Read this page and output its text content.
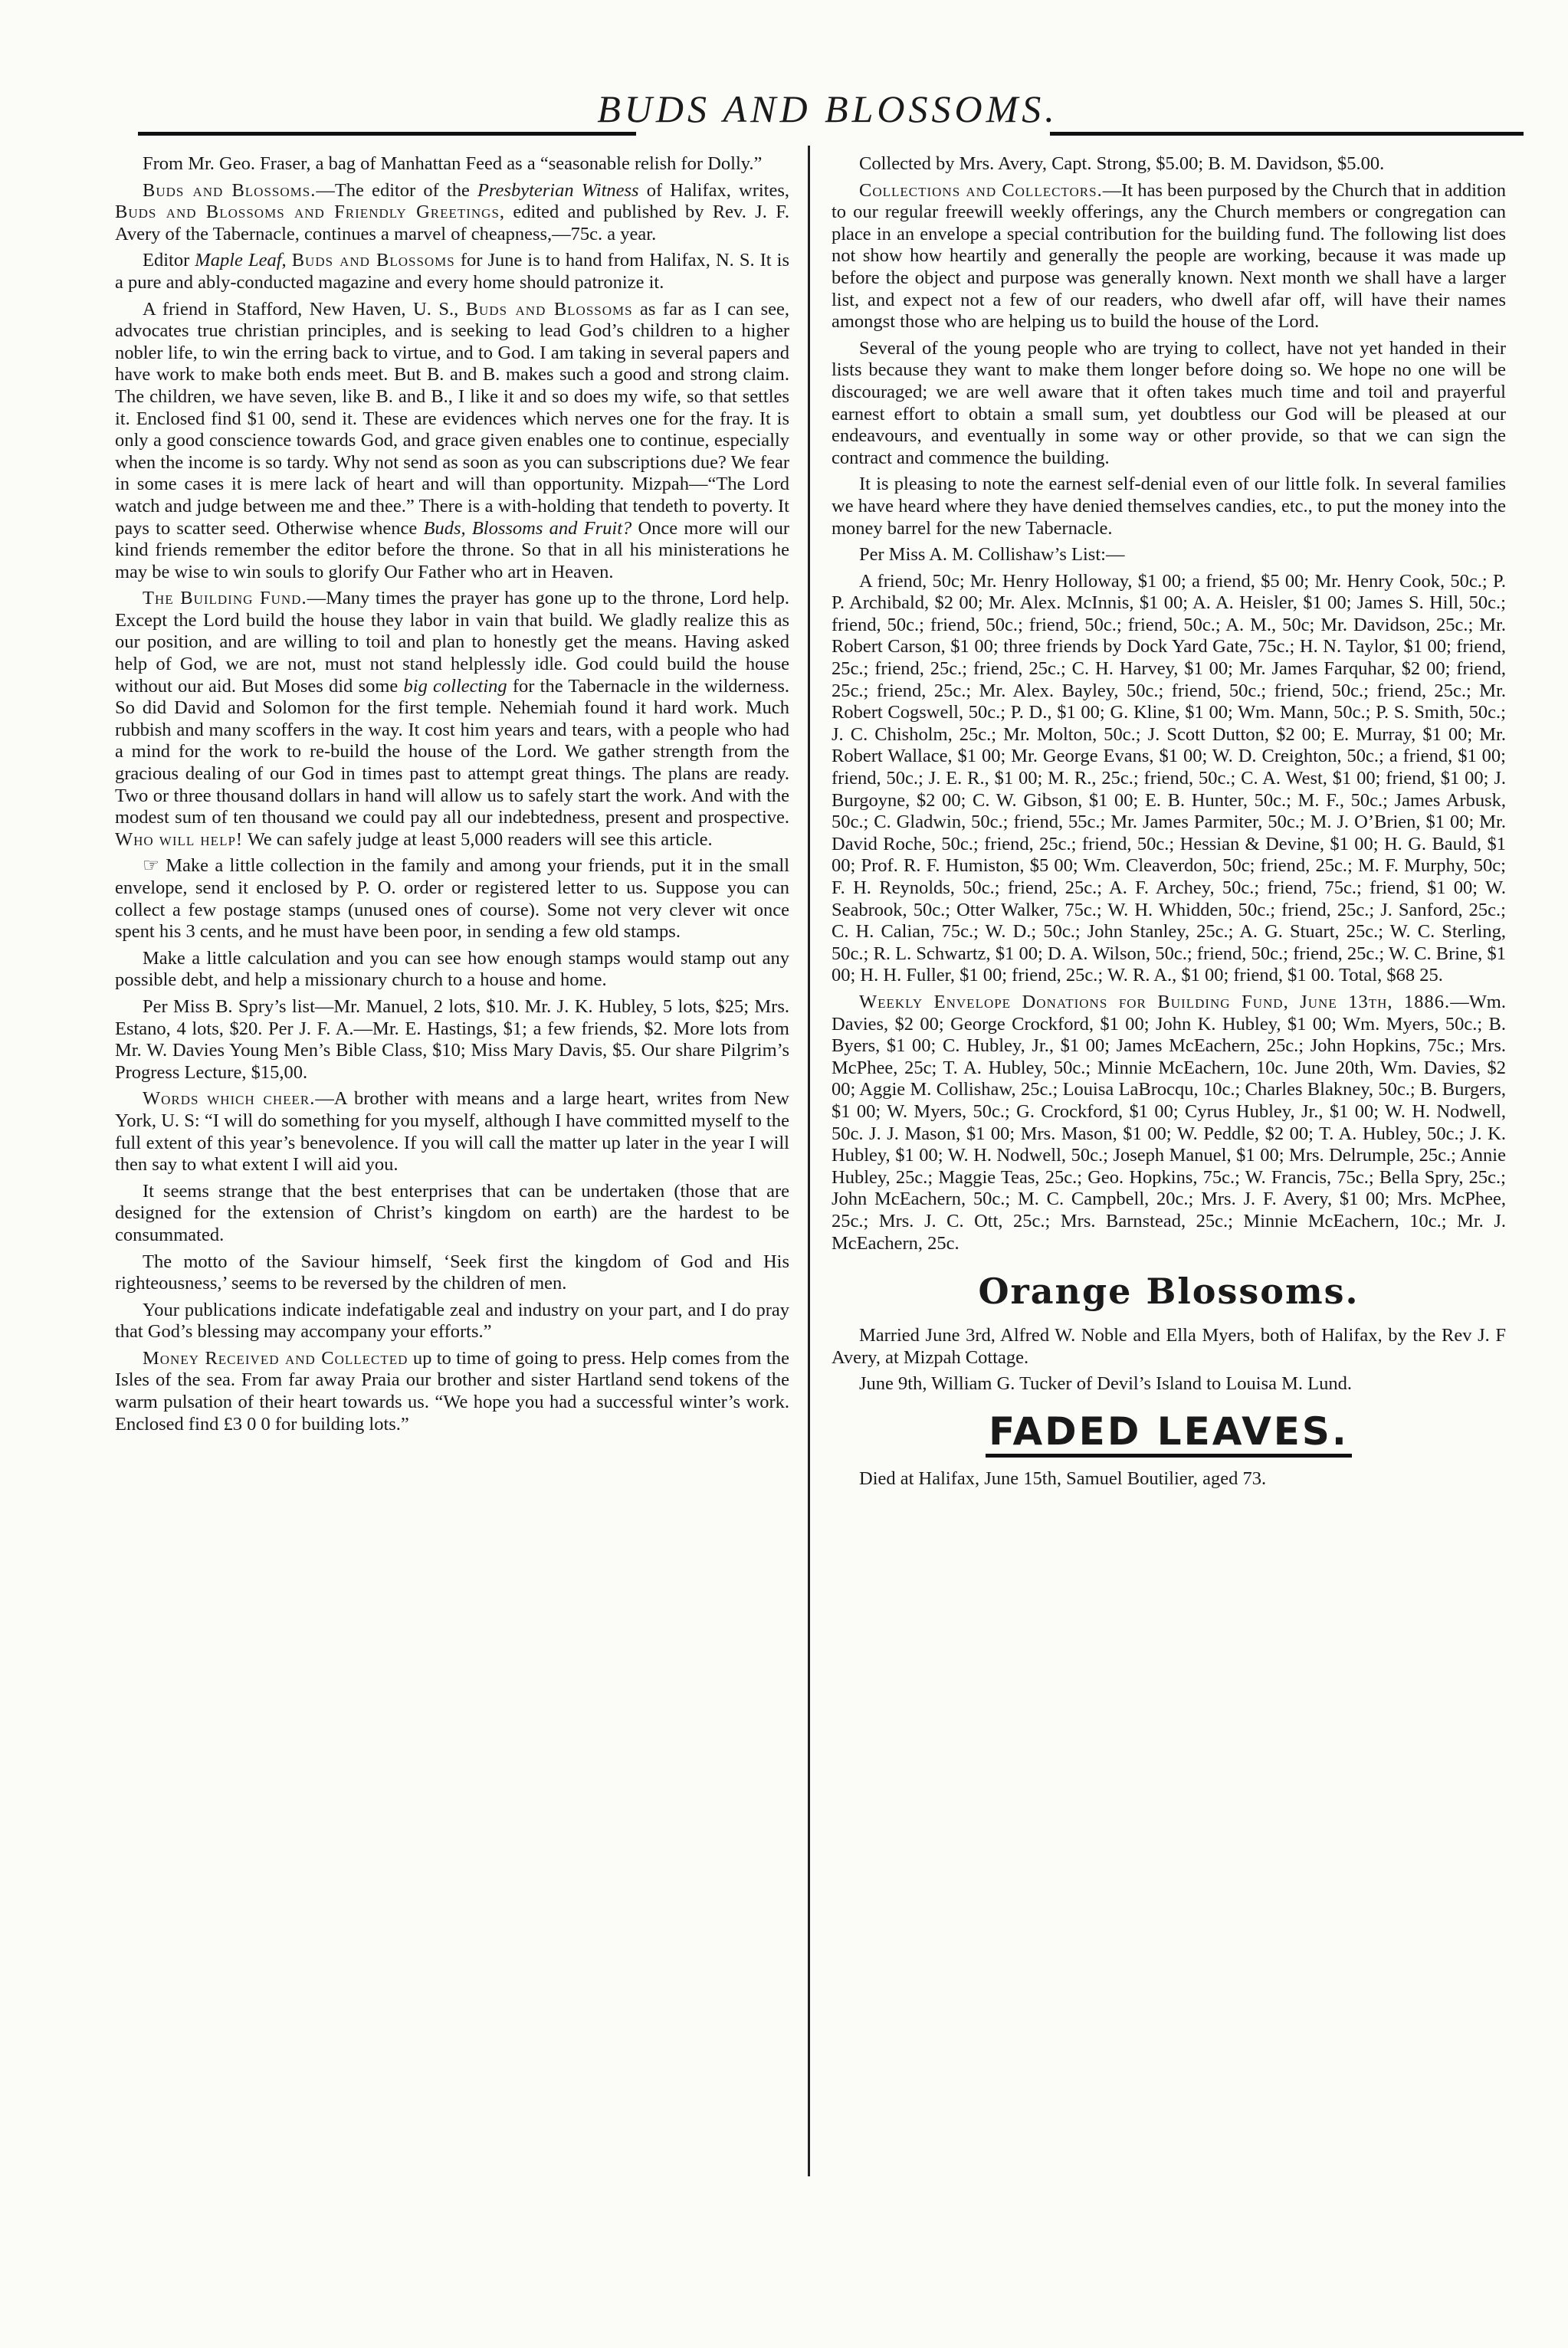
BUDS AND BLOSSOMS.

From Mr. Geo. Fraser, a bag of Manhattan Feed as a “seasonable relish for Dolly.”

Buds and Blossoms.—The editor of the Presbyterian Witness of Halifax, writes, Buds and Blossoms and Friendly Greetings, edited and published by Rev. J. F. Avery of the Tabernacle, continues a marvel of cheapness,—75c. a year.

Editor Maple Leaf, Buds and Blossoms for June is to hand from Halifax, N. S. It is a pure and ably-conducted magazine and every home should patronize it.

A friend in Stafford, New Haven, U. S., Buds and Blossoms as far as I can see, advocates true christian principles, and is seeking to lead God’s children to a higher nobler life, to win the erring back to virtue, and to God. I am taking in several papers and have work to make both ends meet. But B. and B. makes such a good and strong claim. The children, we have seven, like B. and B., I like it and so does my wife, so that settles it. Enclosed find $1 00, send it. These are evidences which nerves one for the fray. It is only a good conscience towards God, and grace given enables one to continue, especially when the income is so tardy. Why not send as soon as you can subscriptions due? We fear in some cases it is mere lack of heart and will than opportunity. Mizpah—“The Lord watch and judge between me and thee.” There is a with-holding that tendeth to poverty. It pays to scatter seed. Otherwise whence Buds, Blossoms and Fruit? Once more will our kind friends remember the editor before the throne. So that in all his ministerations he may be wise to win souls to glorify Our Father who art in Heaven.

The Building Fund.—Many times the prayer has gone up to the throne, Lord help. Except the Lord build the house they labor in vain that build. We gladly realize this as our position, and are willing to toil and plan to honestly get the means. Having asked help of God, we are not, must not stand helplessly idle. God could build the house without our aid. But Moses did some big collecting for the Tabernacle in the wilderness. So did David and Solomon for the first temple. Nehemiah found it hard work. Much rubbish and many scoffers in the way. It cost him years and tears, with a people who had a mind for the work to re-build the house of the Lord. We gather strength from the gracious dealing of our God in times past to attempt great things. The plans are ready. Two or three thousand dollars in hand will allow us to safely start the work. And with the modest sum of ten thousand we could pay all our indebtedness, present and prospective. Who will help! We can safely judge at least 5,000 readers will see this article.

☞ Make a little collection in the family and among your friends, put it in the small envelope, send it enclosed by P. O. order or registered letter to us. Suppose you can collect a few postage stamps (unused ones of course). Some not very clever wit once spent his 3 cents, and he must have been poor, in sending a few old stamps.

Make a little calculation and you can see how enough stamps would stamp out any possible debt, and help a missionary church to a house and home.

Per Miss B. Spry’s list—Mr. Manuel, 2 lots, $10. Mr. J. K. Hubley, 5 lots, $25; Mrs. Estano, 4 lots, $20. Per J. F. A.—Mr. E. Hastings, $1; a few friends, $2. More lots from Mr. W. Davies Young Men’s Bible Class, $10; Miss Mary Davis, $5. Our share Pilgrim’s Progress Lecture, $15,00.

Words which cheer.—A brother with means and a large heart, writes from New York, U. S: “I will do something for you myself, although I have committed myself to the full extent of this year’s benevolence. If you will call the matter up later in the year I will then say to what extent I will aid you.

It seems strange that the best enterprises that can be undertaken (those that are designed for the extension of Christ’s kingdom on earth) are the hardest to be consummated.

The motto of the Saviour himself, ‘Seek first the kingdom of God and His righteousness,’ seems to be reversed by the children of men.

Your publications indicate indefatigable zeal and industry on your part, and I do pray that God’s blessing may accompany your efforts.”

Money Received and Collected up to time of going to press. Help comes from the Isles of the sea. From far away Praia our brother and sister Hartland send tokens of the warm pulsation of their heart towards us. “We hope you had a successful winter’s work. Enclosed find £3 0 0 for building lots.”

Collected by Mrs. Avery, Capt. Strong, $5.00; B. M. Davidson, $5.00.

Collections and Collectors.—It has been purposed by the Church that in addition to our regular freewill weekly offerings, any the Church members or congregation can place in an envelope a special contribution for the building fund. The following list does not show how heartily and generally the people are working, because it was made up before the object and purpose was generally known. Next month we shall have a larger list, and expect not a few of our readers, who dwell afar off, will have their names amongst those who are helping us to build the house of the Lord.

Several of the young people who are trying to collect, have not yet handed in their lists because they want to make them longer before doing so. We hope no one will be discouraged; we are well aware that it often takes much time and toil and prayerful earnest effort to obtain a small sum, yet doubtless our God will be pleased at our endeavours, and eventually in some way or other provide, so that we can sign the contract and commence the building.

It is pleasing to note the earnest self-denial even of our little folk. In several families we have heard where they have denied themselves candies, etc., to put the money into the money barrel for the new Tabernacle.

Per Miss A. M. Collishaw’s List:—

A friend, 50c; Mr. Henry Holloway, $1 00; a friend, $5 00; Mr. Henry Cook, 50c.; P. P. Archibald, $2 00; Mr. Alex. McInnis, $1 00; A. A. Heisler, $1 00; James S. Hill, 50c.; friend, 50c.; friend, 50c.; friend, 50c.; friend, 50c.; A. M., 50c; Mr. Davidson, 25c.; Mr. Robert Carson, $1 00; three friends by Dock Yard Gate, 75c.; H. N. Taylor, $1 00; friend, 25c.; friend, 25c.; friend, 25c.; C. H. Harvey, $1 00; Mr. James Farquhar, $2 00; friend, 25c.; friend, 25c.; Mr. Alex. Bayley, 50c.; friend, 50c.; friend, 50c.; friend, 25c.; Mr. Robert Cogswell, 50c.; P. D., $1 00; G. Kline, $1 00; Wm. Mann, 50c.; P. S. Smith, 50c.; J. C. Chisholm, 25c.; Mr. Molton, 50c.; J. Scott Dutton, $2 00; E. Murray, $1 00; Mr. Robert Wallace, $1 00; Mr. George Evans, $1 00; W. D. Creighton, 50c.; a friend, $1 00; friend, 50c.; J. E. R., $1 00; M. R., 25c.; friend, 50c.; C. A. West, $1 00; friend, $1 00; J. Burgoyne, $2 00; C. W. Gibson, $1 00; E. B. Hunter, 50c.; M. F., 50c.; James Arbusk, 50c.; C. Gladwin, 50c.; friend, 55c.; Mr. James Parmiter, 50c.; M. J. O’Brien, $1 00; Mr. David Roche, 50c.; friend, 25c.; friend, 50c.; Hessian & Devine, $1 00; H. G. Bauld, $1 00; Prof. R. F. Humiston, $5 00; Wm. Cleaverdon, 50c; friend, 25c.; M. F. Murphy, 50c; F. H. Reynolds, 50c.; friend, 25c.; A. F. Archey, 50c.; friend, 75c.; friend, $1 00; W. Seabrook, 50c.; Otter Walker, 75c.; W. H. Whidden, 50c.; friend, 25c.; J. Sanford, 25c.; C. H. Calian, 75c.; W. D.; 50c.; John Stanley, 25c.; A. G. Stuart, 25c.; W. C. Sterling, 50c.; R. L. Schwartz, $1 00; D. A. Wilson, 50c.; friend, 50c.; friend, 25c.; W. C. Brine, $1 00; H. H. Fuller, $1 00; friend, 25c.; W. R. A., $1 00; friend, $1 00. Total, $68 25.

Weekly Envelope Donations for Building Fund, June 13th, 1886.—Wm. Davies, $2 00; George Crockford, $1 00; John K. Hubley, $1 00; Wm. Myers, 50c.; B. Byers, $1 00; C. Hubley, Jr., $1 00; James McEachern, 25c.; John Hopkins, 75c.; Mrs. McPhee, 25c; T. A. Hubley, 50c.; Minnie McEachern, 10c. June 20th, Wm. Davies, $2 00; Aggie M. Collishaw, 25c.; Louisa LaBrocqu, 10c.; Charles Blakney, 50c.; B. Burgers, $1 00; W. Myers, 50c.; G. Crockford, $1 00; Cyrus Hubley, Jr., $1 00; W. H. Nodwell, 50c. J. J. Mason, $1 00; Mrs. Mason, $1 00; W. Peddle, $2 00; T. A. Hubley, 50c.; J. K. Hubley, $1 00; W. H. Nodwell, 50c.; Joseph Manuel, $1 00; Mrs. Delrumple, 25c.; Annie Hubley, 25c.; Maggie Teas, 25c.; Geo. Hopkins, 75c.; W. Francis, 75c.; Bella Spry, 25c.; John McEachern, 50c.; M. C. Campbell, 20c.; Mrs. J. F. Avery, $1 00; Mrs. McPhee, 25c.; Mrs. J. C. Ott, 25c.; Mrs. Barnstead, 25c.; Minnie McEachern, 10c.; Mr. J. McEachern, 25c.

Orange Blossoms.

Married June 3rd, Alfred W. Noble and Ella Myers, both of Halifax, by the Rev J. F Avery, at Mizpah Cottage.

June 9th, William G. Tucker of Devil’s Island to Louisa M. Lund.

FADED LEAVES.

Died at Halifax, June 15th, Samuel Boutilier, aged 73.
